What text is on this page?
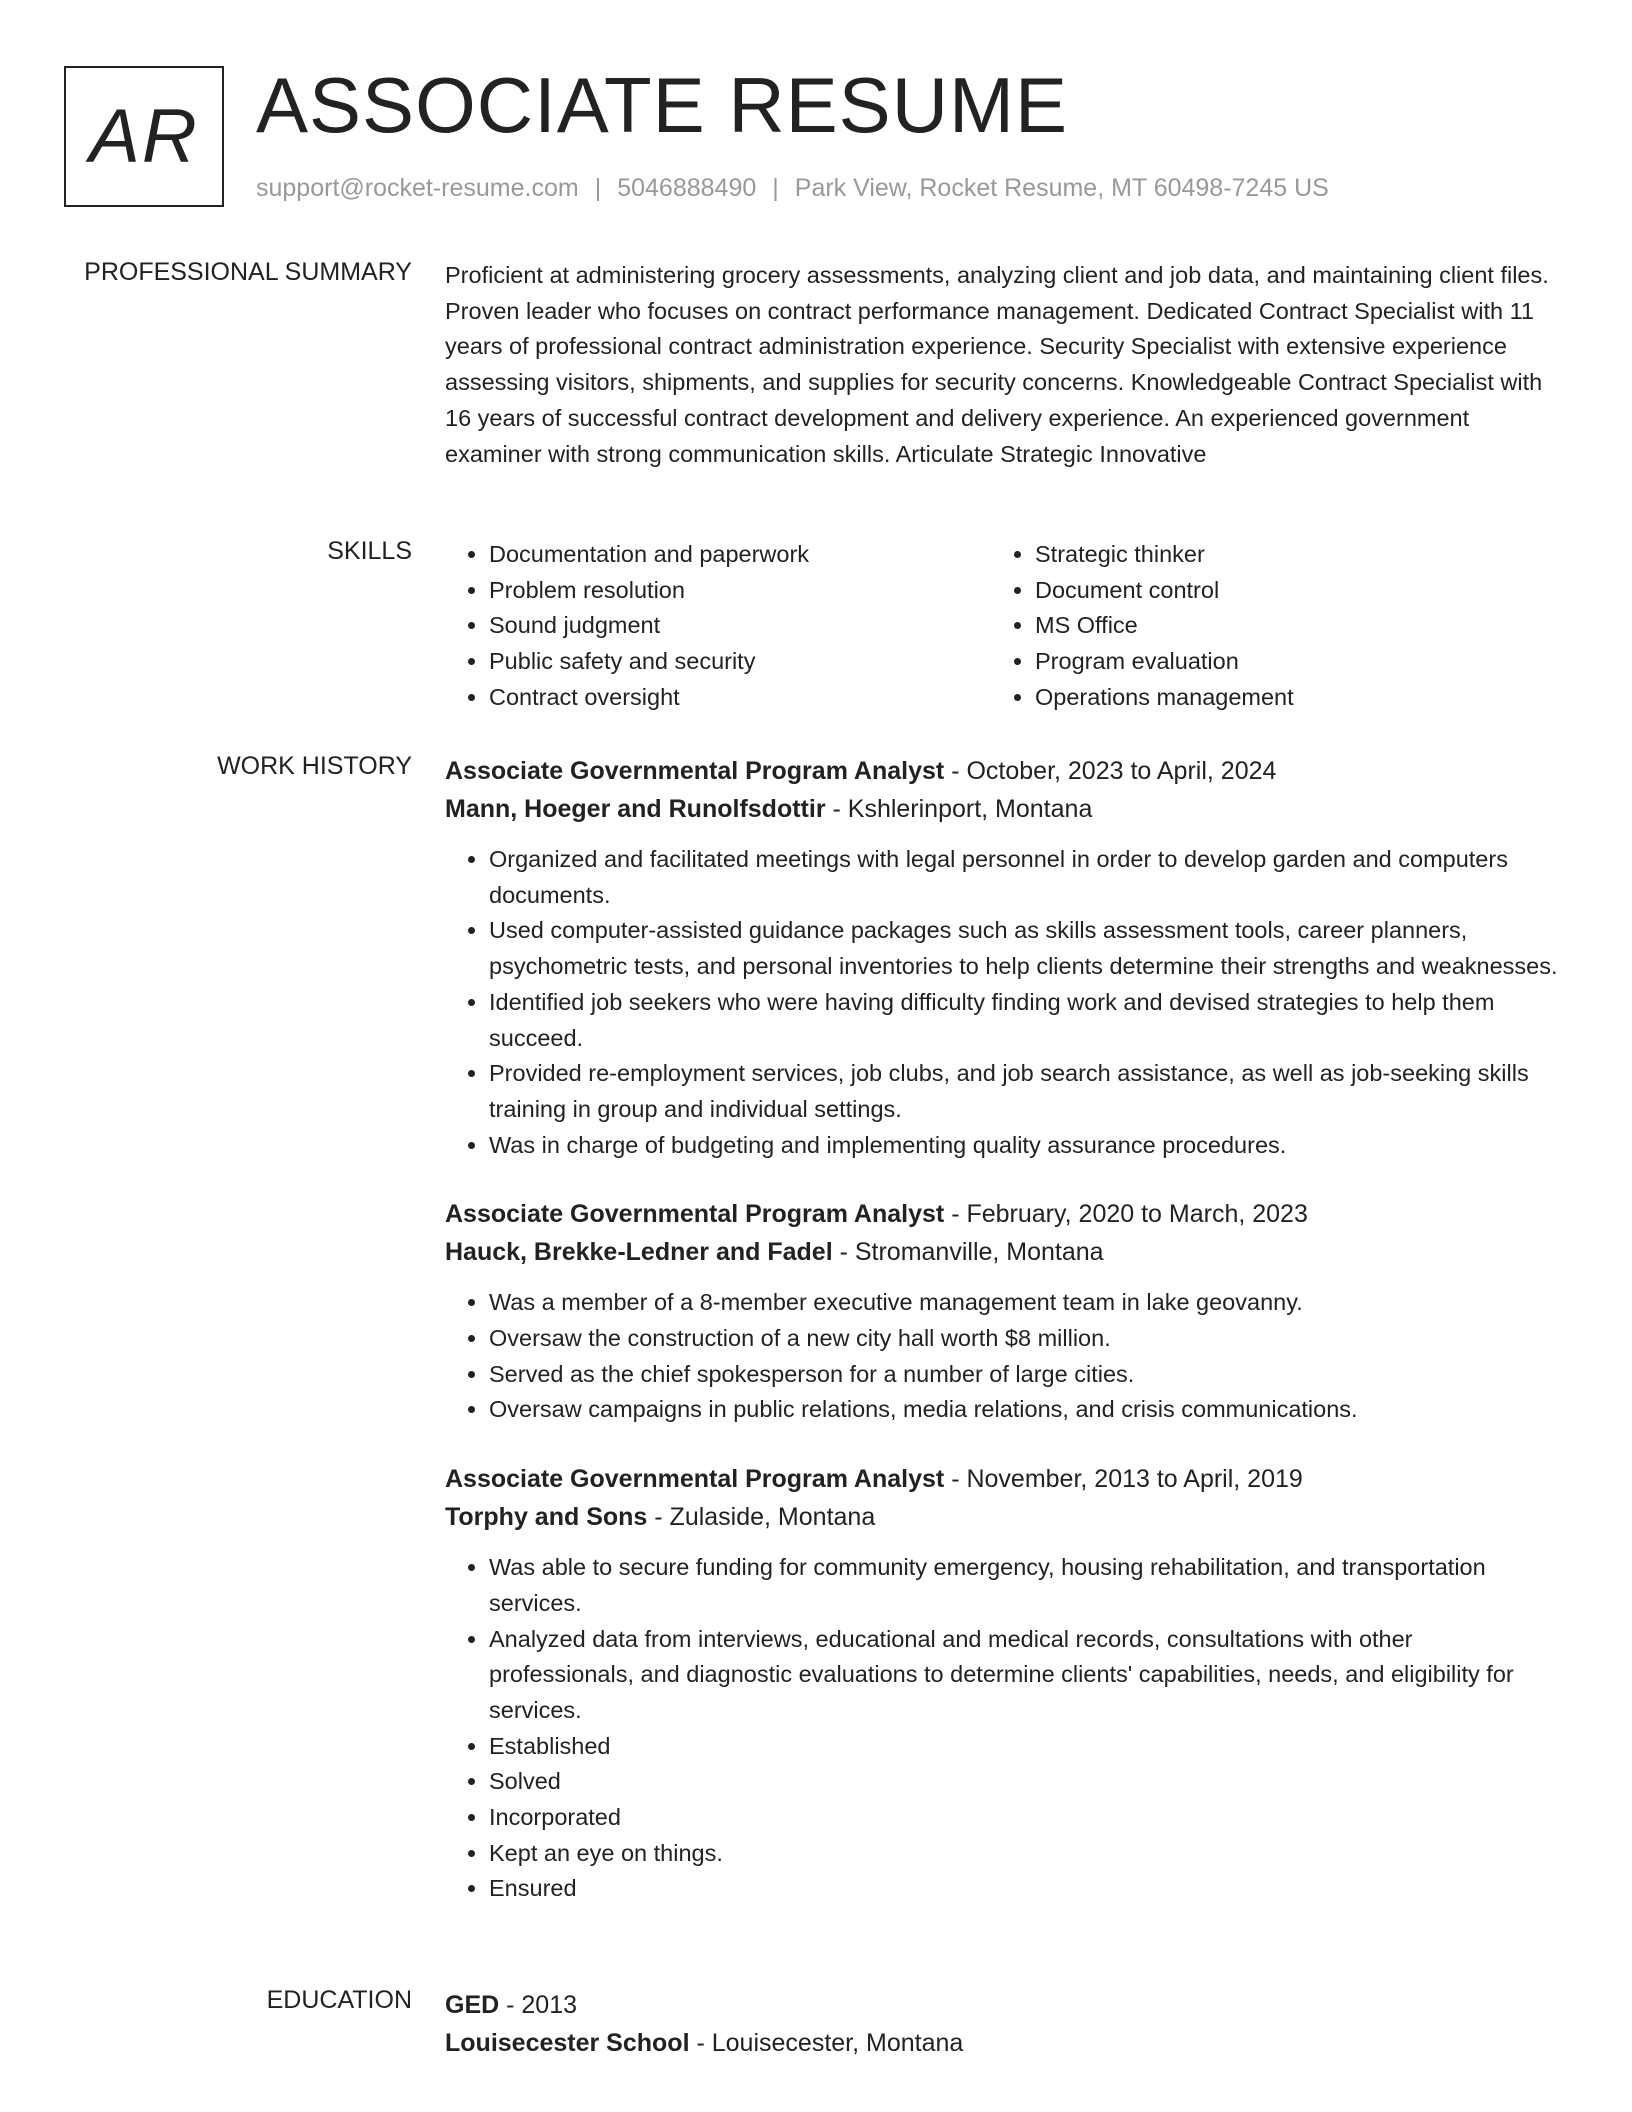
AR ASSOCIATE RESUME
support@rocket-resume.com | 5046888490 | Park View, Rocket Resume, MT 60498-7245 US
PROFESSIONAL SUMMARY Proficient at administering grocery assessments, analyzing client and job data, and maintaining client files. Proven leader who focuses on contract performance management. Dedicated Contract Specialist with 11 years of professional contract administration experience. Security Specialist with extensive experience assessing visitors, shipments, and supplies for security concerns. Knowledgeable Contract Specialist with 16 years of successful contract development and delivery experience. An experienced government examiner with strong communication skills. Articulate Strategic Innovative

SKILLS
•	Documentation and paperwork
• Problem resolution
• Sound judgment
• Public safety and security
• Contract oversight
• Strategic thinker
• Document control
• MS Office
• Program evaluation
• Operations management
WORK HISTORY Associate Governmental Program Analyst - October, 2023 to April, 2024
Mann, Hoeger and Runolfsdottir - Kshlerinport, Montana
• Organized and facilitated meetings with legal personnel in order to develop garden and computers documents.
• Used computer-assisted guidance packages such as skills assessment tools, career planners, psychometric tests, and personal inventories to help clients determine their strengths and weaknesses.
• Identified job seekers who were having difficulty finding work and devised strategies to help them succeed.
• Provided re-employment services, job clubs, and job search assistance, as well as job-seeking skills training in group and individual settings.
• Was in charge of budgeting and implementing quality assurance procedures.
Associate Governmental Program Analyst - February, 2020 to March, 2023
Hauck, Brekke-Ledner and Fadel - Stromanville, Montana
• Was a member of a 8-member executive management team in lake geovanny.
• Oversaw the construction of a new city hall worth $8 million.
• Served as the chief spokesperson for a number of large cities.
• Oversaw campaigns in public relations, media relations, and crisis communications.
Associate Governmental Program Analyst - November, 2013 to April, 2019
Torphy and Sons - Zulaside, Montana
• Was able to secure funding for community emergency, housing rehabilitation, and transportation services.
• Analyzed data from interviews, educational and medical records, consultations with other professionals, and diagnostic evaluations to determine clients' capabilities, needs, and eligibility for services.
• Established
• Solved
• Incorporated
• Kept an eye on things.
• Ensured
EDUCATION GED - 2013
Louisecester School - Louisecester, Montana
